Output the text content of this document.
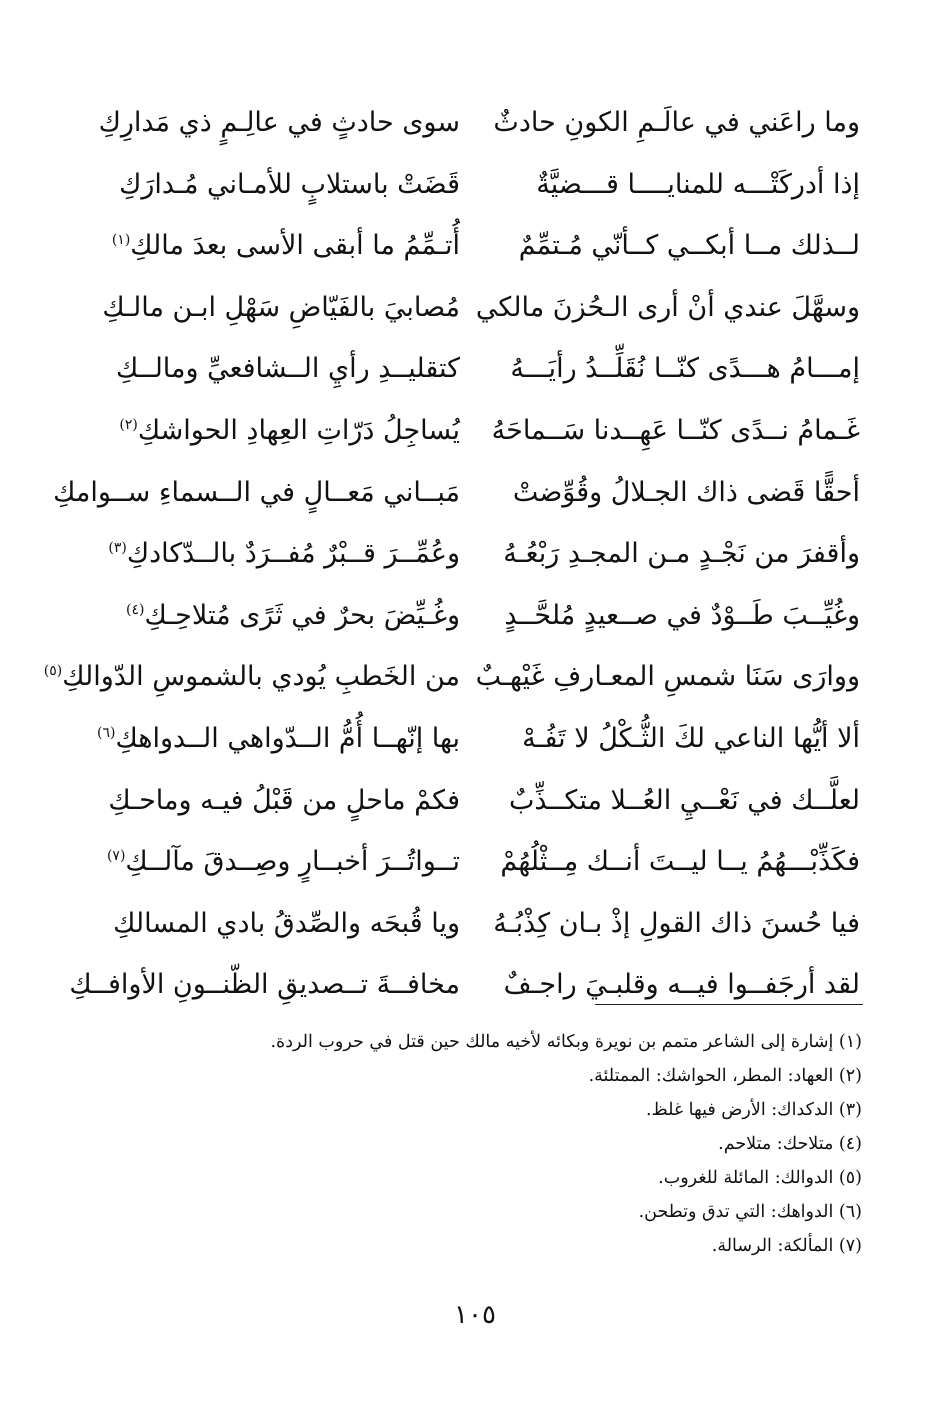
وما راعَني في عالَـمِ الكونِ حادثٌ
سوى حادثٍ في عالِـمٍ ذي مَدارِكِ
إذا أدركَتْـــه للمنايــــا قـــضيَّةٌ
قَضَتْ باستلابٍ للأمـاني مُـدارَكِ
لــذلك مــا أبكــي كــأنّي مُـتمِّمٌ
أُتـمِّمُ ما أبقى الأسى بعدَ مالكِ$^{(١)}$
وسهَّلَ عندي أنْ أرى الـحُزنَ مالكي
مُصابيَ بالفَيّاضِ سَهْلِ ابـن مالـكِ
إمـــامُ هـــدًى كنّــا نُقَلِّــدُ رأيَـــهُ
كتقليــدِ رأيِ الــشافعيِّ ومالــكِ
غَـمامُ نــدًى كنّــا عَهِــدنا سَــماحَهُ
يُساجِلُ دَرّاتِ العِهادِ الحواشكِ$^{(٢)}$
أحقًّا قَضى ذاك الجـلالُ وقُوِّضتْ
مَبــاني مَعــالٍ في الــسماءِ ســوامكِ
وأقفرَ من نَجْـدٍ مـن المجـدِ رَبْعُـهُ
وعُمِّــرَ قــبْرٌ مُفــرَدٌ بالــدّكادكِ$^{(٣)}$
وغُيِّــبَ طَــوْدٌ في صــعيدٍ مُلحَّــدٍ
وغُـيِّضَ بحرٌ في ثَرًى مُتلاحِـكِ$^{(٤)}$
ووارَى سَنَا شمسِ المعـارفِ غَيْهـبٌ
من الخَطبِ يُودي بالشموسِ الدّوالكِ$^{(٥)}$
ألا أيُّها الناعي لكَ الثُّـكْلُ لا تَفُـهْ
بها إنّهــا أُمُّ الــدّواهي الــدواهكِ$^{(٦)}$
لعلَّــك في نَعْــيِ العُــلا متكــذِّبٌ
فكمْ ماحلٍ من قَبْلُ فيـه وماحـكِ
فكَذِّبْـــهُمُ يــا ليــتَ أنــك مِــثْلُهُمْ
تــواتُــرَ أخبــارٍ وصِــدقَ مآلــكِ$^{(٧)}$
فيا حُسنَ ذاك القولِ إذْ بـان كِذْبُـهُ
ويا قُبحَه والصِّدقُ بادي المسالكِ
لقد أرجَفــوا فيــه وقلبـيَ راجـفٌ
مخافــةَ تــصديقِ الظّنــونِ الأوافــكِ
(١) إشارة إلى الشاعر متمم بن نويرة وبكائه لأخيه مالك حين قتل في حروب الردة.
(٢) العهاد: المطر، الحواشك: الممتلئة.
(٣) الدكداك: الأرض فيها غلظ.
(٤) متلاحك: متلاحم.
(٥) الدوالك: المائلة للغروب.
(٦) الدواهك: التي تدق وتطحن.
(٧) المألكة: الرسالة.
١٠٥
